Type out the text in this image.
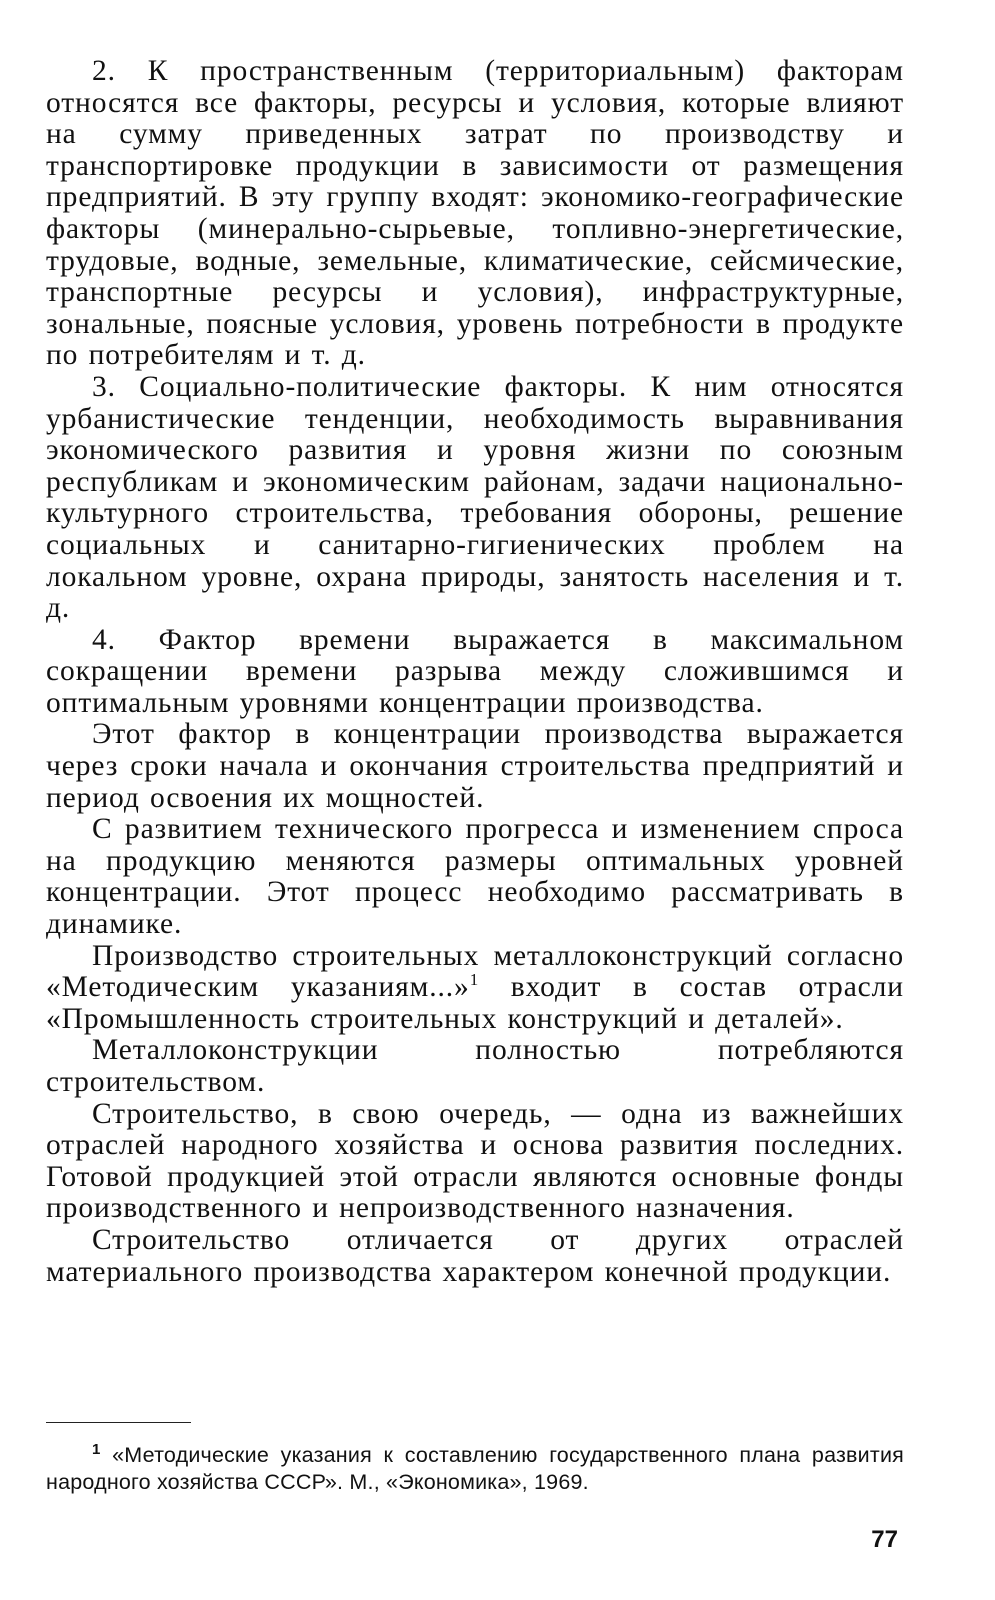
2. К пространственным (территориальным) факторам относятся все факторы, ресурсы и условия, которые влияют на сумму приведенных затрат по производству и транспортировке продукции в зависимости от размещения предприятий. В эту группу входят: экономико-географические факторы (минерально-сырьевые, топливно-энергетические, трудовые, водные, земельные, климатические, сейсмические, транспортные ресурсы и условия), инфраструктурные, зональные, поясные условия, уровень потребности в продукте по потребителям и т. д.

3. Социально-политические факторы. К ним относятся урбанистические тенденции, необходимость выравнивания экономического развития и уровня жизни по союзным республикам и экономическим районам, задачи национально-культурного строительства, требования обороны, решение социальных и санитарно-гигиенических проблем на локальном уровне, охрана природы, занятость населения и т. д.

4. Фактор времени выражается в максимальном сокращении времени разрыва между сложившимся и оптимальным уровнями концентрации производства.

Этот фактор в концентрации производства выражается через сроки начала и окончания строительства предприятий и период освоения их мощностей.

С развитием технического прогресса и изменением спроса на продукцию меняются размеры оптимальных уровней концентрации. Этот процесс необходимо рассматривать в динамике.

Производство строительных металлоконструкций согласно «Методическим указаниям...»$^1$ входит в состав отрасли «Промышленность строительных конструкций и деталей».

Металлоконструкции полностью потребляются строительством.

Строительство, в свою очередь, — одна из важнейших отраслей народного хозяйства и основа развития последних. Готовой продукцией этой отрасли являются основные фонды производственного и непроизводственного назначения.

Строительство отличается от других отраслей материального производства характером конечной продукции.

$^1$ «Методические указания к составлению государственного плана развития народного хозяйства СССР». М., «Экономика», 1969.
77
